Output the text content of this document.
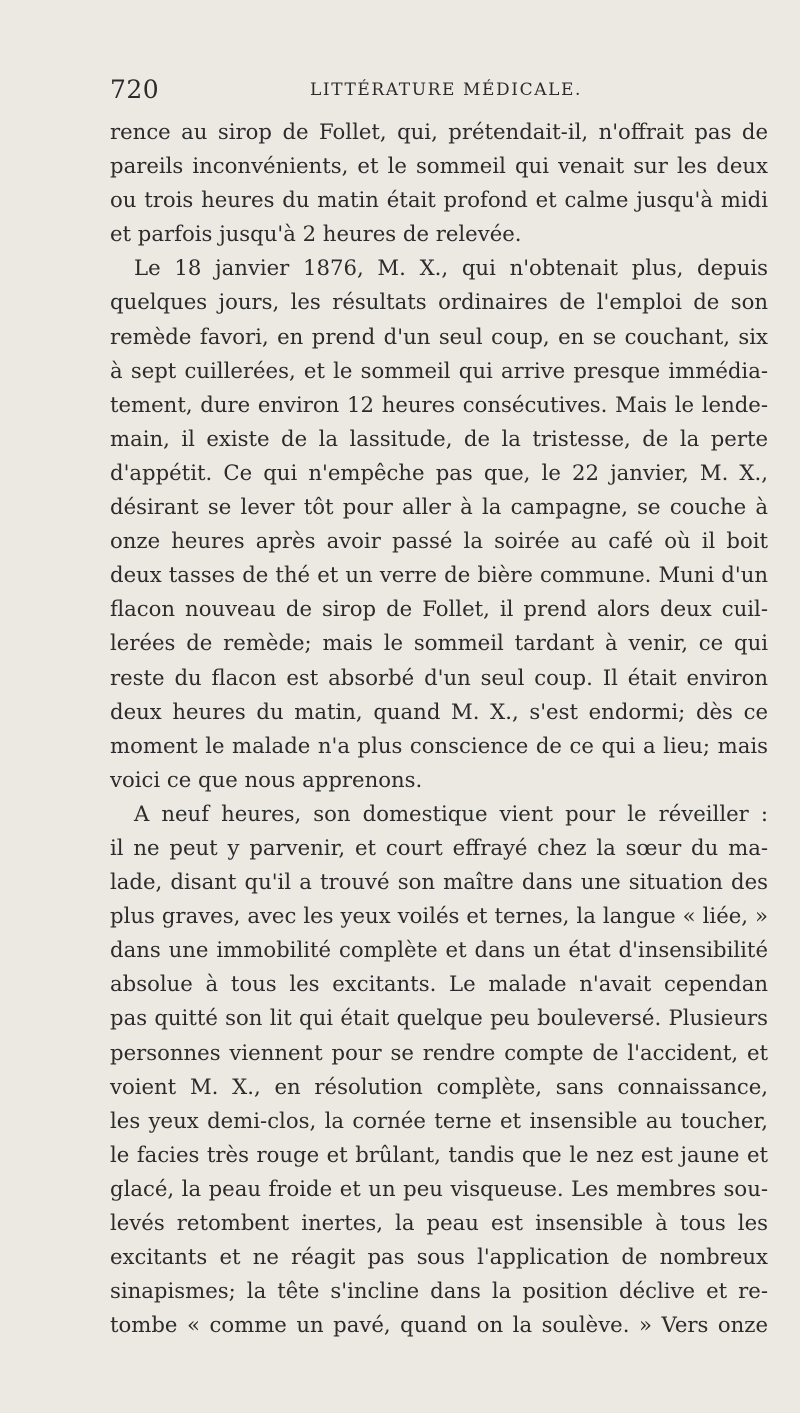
720	LITTÉRATURE MÉDICALE.
rence au sirop de Follet, qui, prétendait-il, n'offrait pas de
pareils inconvénients, et le sommeil qui venait sur les deux
ou trois heures du matin était profond et calme jusqu'à midi
et parfois jusqu'à 2 heures de relevée.
Le 18 janvier 1876, M. X., qui n'obtenait plus, depuis
quelques jours, les résultats ordinaires de l'emploi de son
remède favori, en prend d'un seul coup, en se couchant, six
à sept cuillerées, et le sommeil qui arrive presque immédia-
tement, dure environ 12 heures consécutives. Mais le lende-
main, il existe de la lassitude, de la tristesse, de la perte
d'appétit. Ce qui n'empêche pas que, le 22 janvier, M. X.,
désirant se lever tôt pour aller à la campagne, se couche à
onze heures après avoir passé la soirée au café où il boit
deux tasses de thé et un verre de bière commune. Muni d'un
flacon nouveau de sirop de Follet, il prend alors deux cuil-
lerées de remède; mais le sommeil tardant à venir, ce qui
reste du flacon est absorbé d'un seul coup. Il était environ
deux heures du matin, quand M. X., s'est endormi; dès ce
moment le malade n'a plus conscience de ce qui a lieu; mais
voici ce que nous apprenons.
A neuf heures, son domestique vient pour le réveiller :
il ne peut y parvenir, et court effrayé chez la sœur du ma-
lade, disant qu'il a trouvé son maître dans une situation des
plus graves, avec les yeux voilés et ternes, la langue « liée, »
dans une immobilité complète et dans un état d'insensibilité
absolue à tous les excitants. Le malade n'avait cependan
pas quitté son lit qui était quelque peu bouleversé. Plusieurs
personnes viennent pour se rendre compte de l'accident, et
voient M. X., en résolution complète, sans connaissance,
les yeux demi-clos, la cornée terne et insensible au toucher,
le facies très rouge et brûlant, tandis que le nez est jaune et
glacé, la peau froide et un peu visqueuse. Les membres sou-
levés retombent inertes, la peau est insensible à tous les
excitants et ne réagit pas sous l'application de nombreux
sinapismes; la tête s'incline dans la position déclive et re-
tombe « comme un pavé, quand on la soulève. » Vers onze
